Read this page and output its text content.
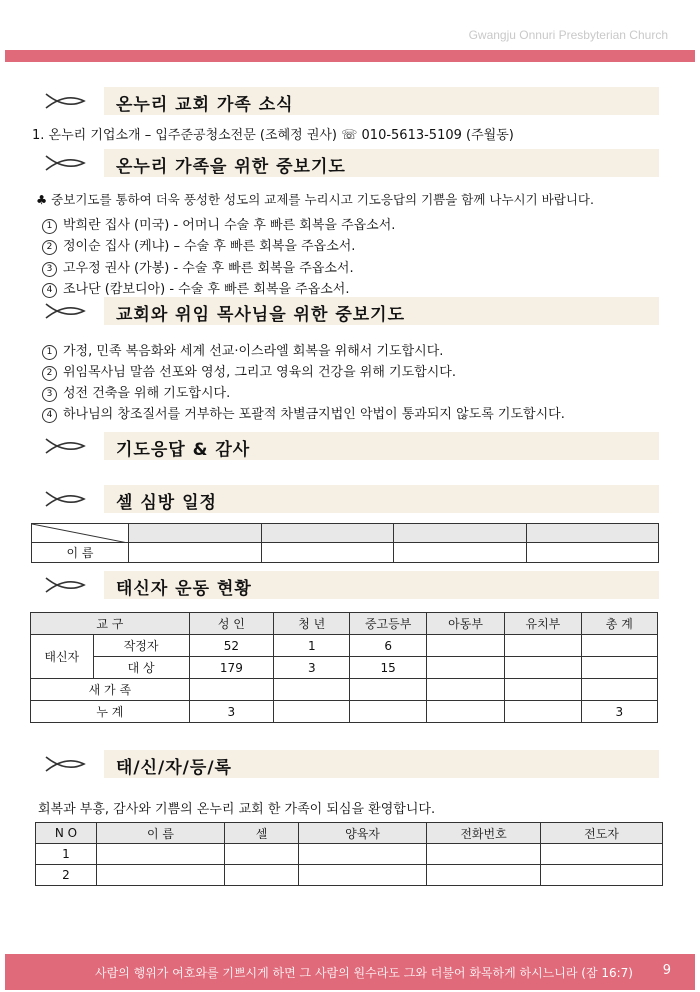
Gwangju Onnuri Presbyterian Church
온누리 교회 가족 소식
1. 온누리 기업소개 – 입주준공청소전문 (조혜정 권사) ☏ 010-5613-5109 (주월동)
온누리 가족을 위한 중보기도
♣ 중보기도를 통하여 더욱 풍성한 성도의 교제를 누리시고 기도응답의 기쁨을 함께 나누시기 바랍니다.
1 박희란 집사 (미국) - 어머니 수술 후 빠른 회복을 주옵소서.
2 정이순 집사 (케냐) – 수술 후 빠른 회복을 주옵소서.
3 고우정 권사 (가봉) - 수술 후 빠른 회복을 주옵소서.
4 조나단 (캄보디아) - 수술 후 빠른 회복을 주옵소서.
교회와 위임 목사님을 위한 중보기도
1 가정, 민족 복음화와 세계 선교·이스라엘 회복을 위해서 기도합시다.
2 위임목사님 말씀 선포와 영성, 그리고 영육의 건강을 위해 기도합시다.
3 성전 건축을 위해 기도합시다.
4 하나님의 창조질서를 거부하는 포괄적 차별금지법인 악법이 통과되지 않도록 기도합시다.
기도응답 & 감사
셀 심방 일정

이 름				
태신자 운동 현황
교 구		성 인	청 년	중고등부	아동부	유치부	총 계
태신자	작정자	52	1	6			
	대 상	179	3	15			
새 가 족							
누 계		3					3
태/신/자/등/록
회복과 부흥, 감사와 기쁨의 온누리 교회 한 가족이 되심을 환영합니다.
N O	이 름	셀	양육자	전화번호	전도자
1					
2					
사람의 행위가 여호와를 기쁘시게 하면 그 사람의 원수라도 그와 더불어 화목하게 하시느니라 (잠 16:7) 9
